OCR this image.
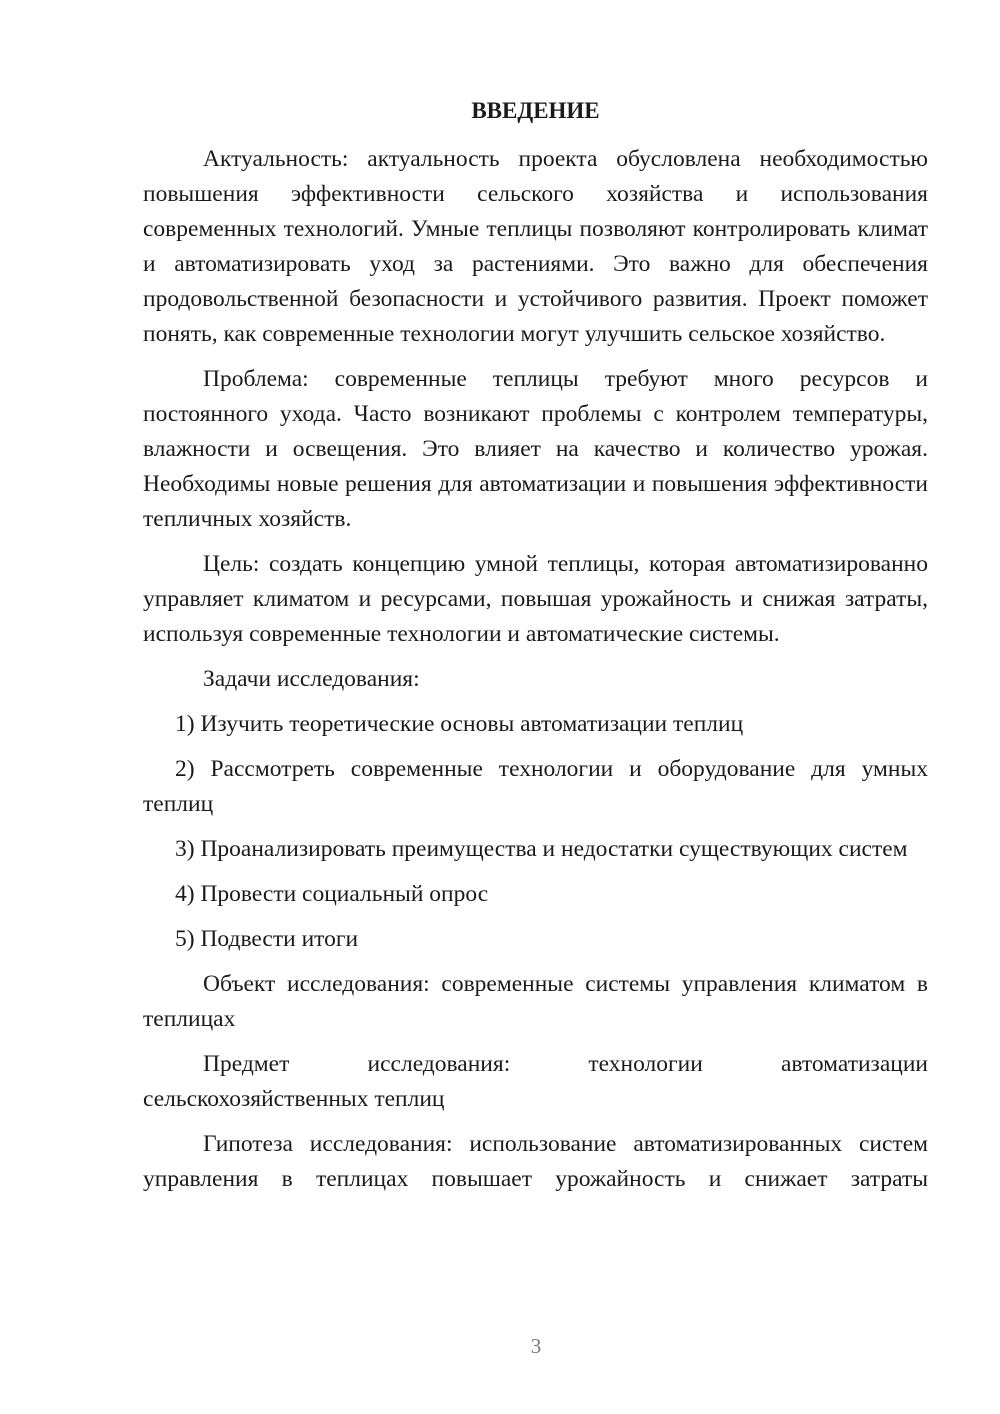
ВВЕДЕНИЕ

Актуальность: актуальность проекта обусловлена необходимостью повышения эффективности сельского хозяйства и использования современных технологий. Умные теплицы позволяют контролировать климат и автоматизировать уход за растениями. Это важно для обеспечения продовольственной безопасности и устойчивого развития. Проект поможет понять, как современные технологии могут улучшить сельское хозяйство.

Проблема: современные теплицы требуют много ресурсов и постоянного ухода. Часто возникают проблемы с контролем температуры, влажности и освещения. Это влияет на качество и количество урожая. Необходимы новые решения для автоматизации и повышения эффективности тепличных хозяйств.

Цель: создать концепцию умной теплицы, которая автоматизированно управляет климатом и ресурсами, повышая урожайность и снижая затраты, используя современные технологии и автоматические системы.

Задачи исследования:

1) Изучить теоретические основы автоматизации теплиц

2) Рассмотреть современные технологии и оборудование для умных теплиц

3) Проанализировать преимущества и недостатки существующих систем

4) Провести социальный опрос

5) Подвести итоги

Объект исследования: современные системы управления климатом в теплицах

Предмет исследования: технологии автоматизации сельскохозяйственных теплиц

Гипотеза исследования: использование автоматизированных систем управления в теплицах повышает урожайность и снижает затраты

3
